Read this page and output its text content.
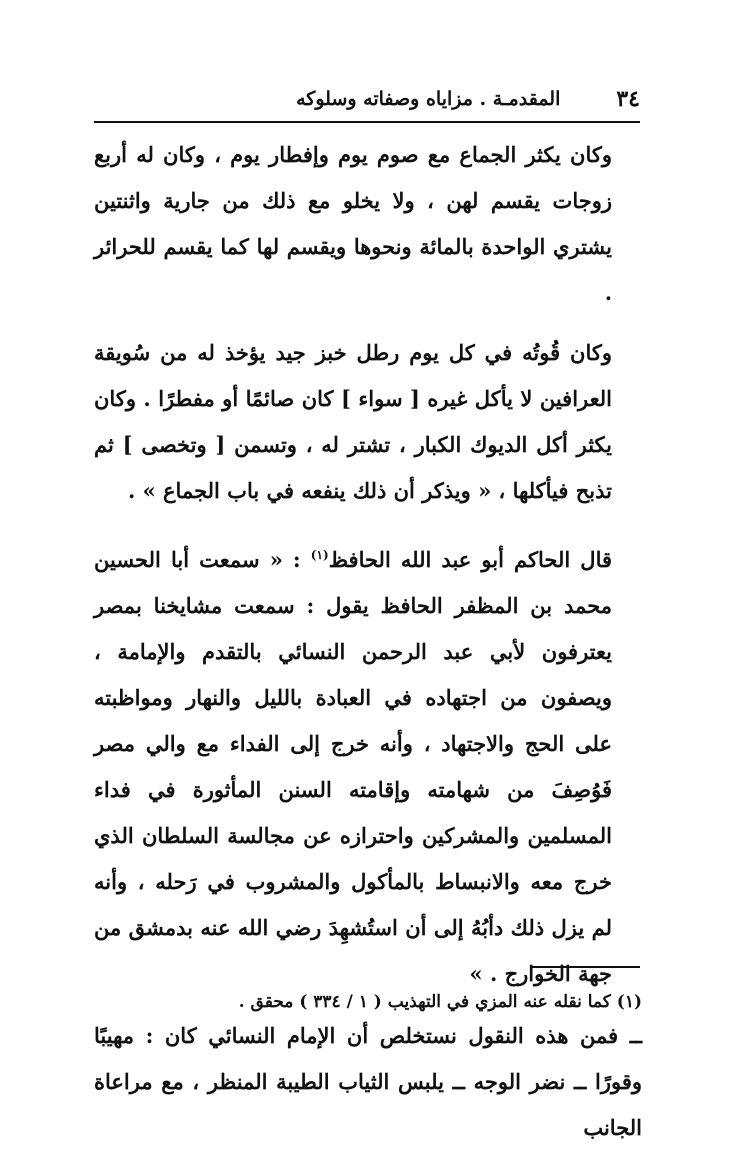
٣٤
المقدمـة . مزاياه وصفاته وسلوكه

وكان يكثر الجماع مع صوم يوم وإفطار يوم ، وكان له أربع زوجات يقسم لهن ، ولا يخلو مع ذلك من جارية واثنتين يشتري الواحدة بالمائة ونحوها ويقسم لها كما يقسم للحرائر .

وكان قُوتُه في كل يوم رطل خبز جيد يؤخذ له من سُويقة العرافين لا يأكل غيره [ سواء ] كان صائمًا أو مفطرًا . وكان يكثر أكل الديوك الكبار ، تشتر له ، وتسمن [ وتخصى ] ثم تذبح فيأكلها ، « ويذكر أن ذلك ينفعه في باب الجماع » .

قال الحاكم أبو عبد الله الحافظ$^{(١)}$ : « سمعت أبا الحسين محمد بن المظفر الحافظ يقول : سمعت مشايخنا بمصر يعترفون لأبي عبد الرحمن النسائي بالتقدم والإمامة ، ويصفون من اجتهاده في العبادة بالليل والنهار ومواظبته على الحج والاجتهاد ، وأنه خرج إلى الفداء مع والي مصر فَوُصِفَ من شهامته وإقامته السنن المأثورة في فداء المسلمين والمشركين واحترازه عن مجالسة السلطان الذي خرج معه والانبساط بالمأكول والمشروب في رَحله ، وأنه لم يزل ذلك دأبُهُ إلى أن استُشهِدَ رضي الله عنه بدمشق من جهة الخوارج . »

ــ فمن هذه النقول نستخلص أن الإمام النسائي كان : مهيبًا وقورًا ــ نضر الوجه ــ يلبس الثياب الطيبة المنظر ، مع مراعاة الجانب

(١) كما نقله عنه المزي في التهذيب ( ١ / ٣٣٤ ) محقق .
